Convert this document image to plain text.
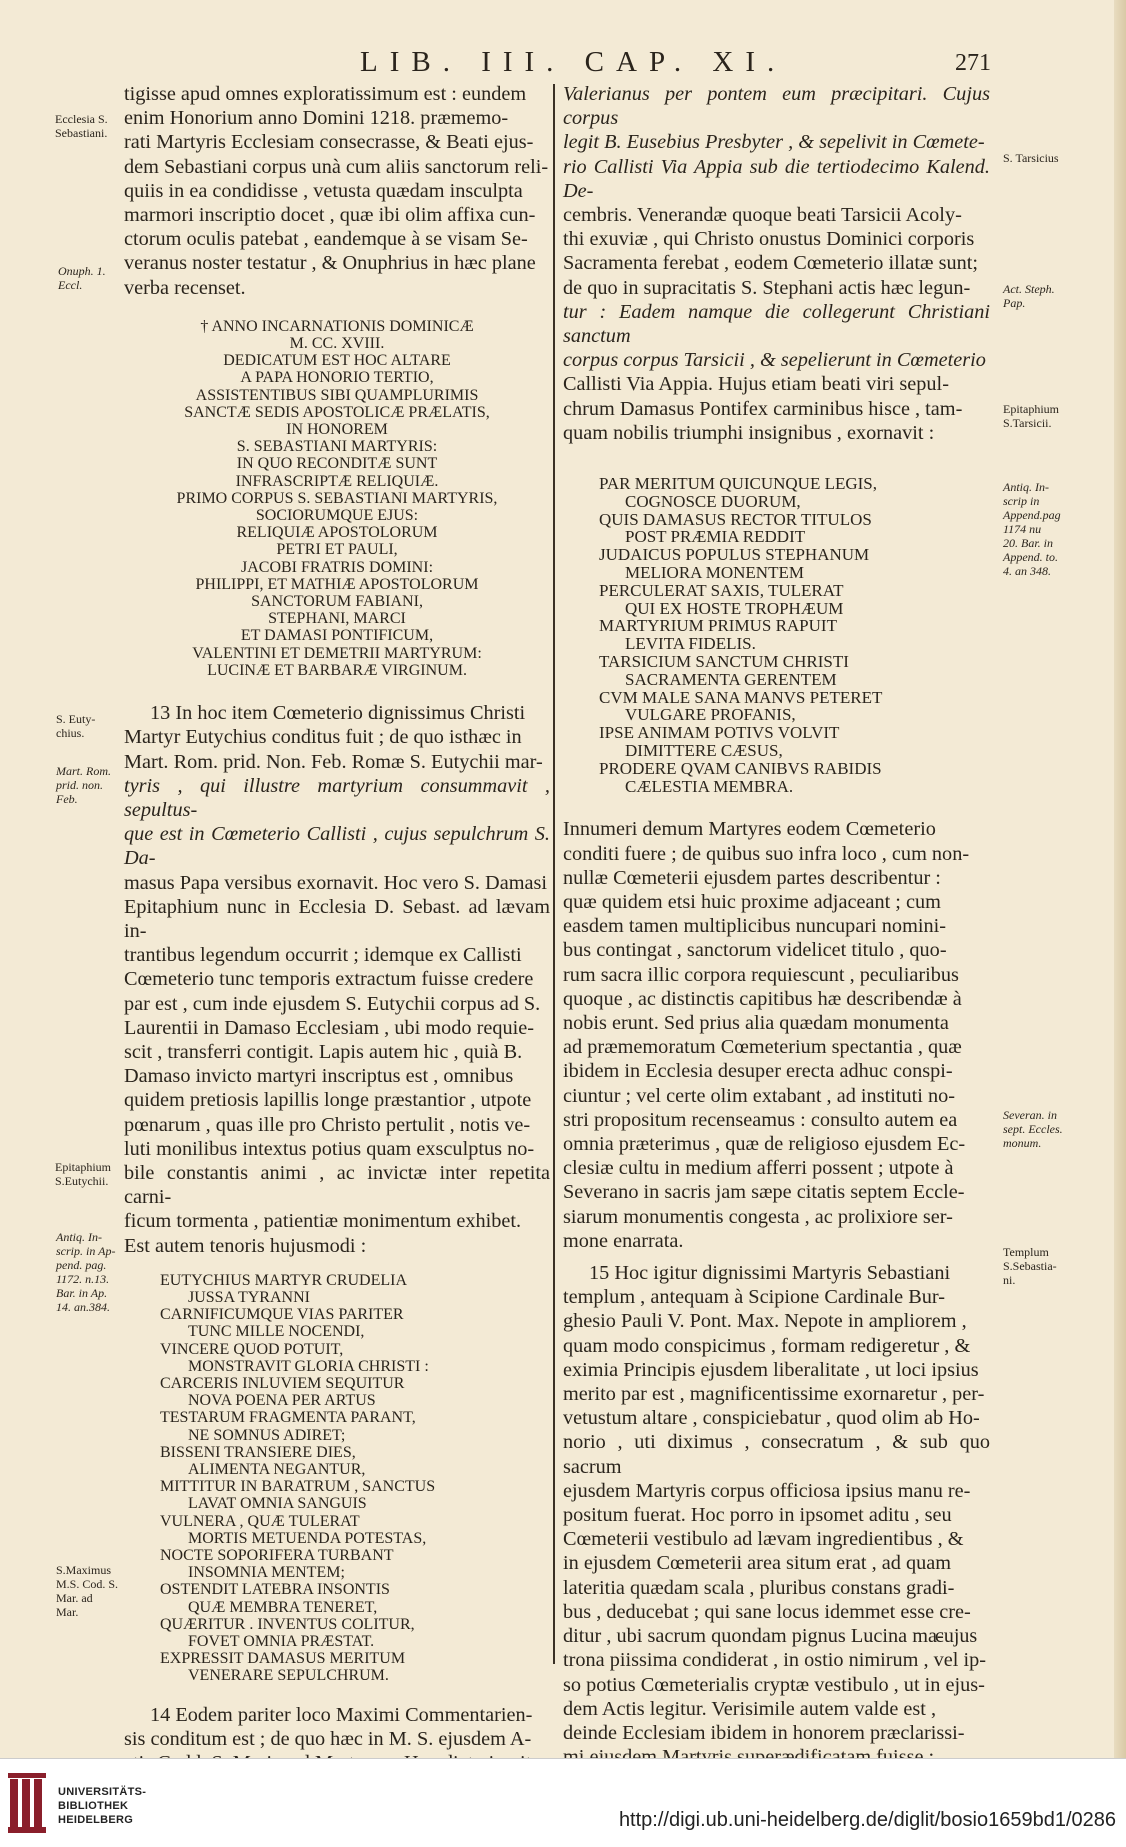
LIB. III. CAP. XI.	271

tigisse apud omnes exploratissimum est : eundem

enim Honorium anno Domini 1218. præmemo-

rati Martyris Ecclesiam consecrasse, & Beati ejus-

dem Sebastiani corpus unà cum aliis sanctorum reli-

quiis in ea condidisse , vetusta quædam insculpta

marmori inscriptio docet , quæ ibi olim affixa cun-

ctorum oculis patebat , eandemque à se visam Se-

veranus noster testatur , & Onuphrius in hæc plane

verba recenset.

† ANNO INCARNATIONIS DOMINICÆ

M. CC. XVIII.

DEDICATUM EST HOC ALTARE

A PAPA HONORIO TERTIO,

ASSISTENTIBUS SIBI QUAMPLURIMIS

SANCTÆ SEDIS APOSTOLICÆ PRÆLATIS,

IN HONOREM

S. SEBASTIANI MARTYRIS:

IN QUO RECONDITÆ SUNT

INFRASCRIPTÆ RELIQUIÆ.

PRIMO CORPUS S. SEBASTIANI MARTYRIS,

SOCIORUMQUE EJUS:

RELIQUIÆ APOSTOLORUM

PETRI ET PAULI,

JACOBI FRATRIS DOMINI:

PHILIPPI, ET MATHIÆ APOSTOLORUM

SANCTORUM FABIANI,

STEPHANI, MARCI

ET DAMASI PONTIFICUM,

VALENTINI ET DEMETRII MARTYRUM:

LUCINÆ ET BARBARÆ VIRGINUM.

13 In hoc item Cœmeterio dignissimus Christi

Martyr Eutychius conditus fuit ; de quo isthæc in

Mart. Rom. prid. Non. Feb. Romæ S. Eutychii mar-

tyris , qui illustre martyrium consummavit , sepultus-

que est in Cœmeterio Callisti , cujus sepulchrum S. Da-

masus Papa versibus exornavit. Hoc vero S. Damasi

Epitaphium nunc in Ecclesia D. Sebast. ad lævam in-

trantibus legendum occurrit ; idemque ex Callisti

Cœmeterio tunc temporis extractum fuisse credere

par est , cum inde ejusdem S. Eutychii corpus ad S.

Laurentii in Damaso Ecclesiam , ubi modo requie-

scit , transferri contigit. Lapis autem hic , quià B.

Damaso invicto martyri inscriptus est , omnibus

quidem pretiosis lapillis longe præstantior , utpote

pœnarum , quas ille pro Christo pertulit , notis ve-

luti monilibus intextus potius quam exsculptus no-

bile constantis animi , ac invictæ inter repetita carni-

ficum tormenta , patientiæ monimentum exhibet.

Est autem tenoris hujusmodi :

EUTYCHIUS MARTYR CRUDELIA

JUSSA TYRANNI

CARNIFICUMQUE VIAS PARITER

TUNC MILLE NOCENDI,

VINCERE QUOD POTUIT,

MONSTRAVIT GLORIA CHRISTI :

CARCERIS INLUVIEM SEQUITUR

NOVA POENA PER ARTUS

TESTARUM FRAGMENTA PARANT,

NE SOMNUS ADIRET;

BISSENI TRANSIERE DIES,

ALIMENTA NEGANTUR,

MITTITUR IN BARATRUM , SANCTUS

LAVAT OMNIA SANGUIS

VULNERA , QUÆ TULERAT

MORTIS METUENDA POTESTAS,

NOCTE SOPORIFERA TURBANT

INSOMNIA MENTEM;

OSTENDIT LATEBRA INSONTIS

QUÆ MEMBRA TENERET,

QUÆRITUR . INVENTUS COLITUR,

FOVET OMNIA PRÆSTAT.

EXPRESSIT DAMASUS MERITUM

VENERARE SEPULCHRUM.

14 Eodem pariter loco Maximi Commentarien-

sis conditum est ; de quo hæc in M. S. ejusdem A-

Valerianus per pontem eum præcipitari. Cujus corpus

legit B. Eusebius Presbyter , & sepelivit in Cœmete-

rio Callisti Via Appia sub die tertiodecimo Kalend. De-

cembris. Venerandæ quoque beati Tarsicii Acoly-

thi exuviæ , qui Christo onustus Dominici corporis

Sacramenta ferebat , eodem Cœmeterio illatæ sunt;

de quo in supracitatis S. Stephani actis hæc legun-

tur : Eadem namque die collegerunt Christiani sanctum

corpus corpus Tarsicii , & sepelierunt in Cœmeterio

Callisti Via Appia. Hujus etiam beati viri sepul-

chrum Damasus Pontifex carminibus hisce , tam-

quam nobilis triumphi insignibus , exornavit :

PAR MERITUM QUICUNQUE LEGIS,

COGNOSCE DUORUM,

QUIS DAMASUS RECTOR TITULOS

POST PRÆMIA REDDIT

JUDAICUS POPULUS STEPHANUM

MELIORA MONENTEM

PERCULERAT SAXIS, TULERAT

QUI EX HOSTE TROPHÆUM

MARTYRIUM PRIMUS RAPUIT

LEVITA FIDELIS.

TARSICIUM SANCTUM CHRISTI

SACRAMENTA GERENTEM

CVM MALE SANA MANVS PETERET

VULGARE PROFANIS,

IPSE ANIMAM POTIVS VOLVIT

DIMITTERE CÆSUS,

PRODERE QVAM CANIBVS RABIDIS

CÆLESTIA MEMBRA.

Innumeri demum Martyres eodem Cœmeterio

conditi fuere ; de quibus suo infra loco , cum non-

nullæ Cœmeterii ejusdem partes describentur :

quæ quidem etsi huic proxime adjaceant ; cum

easdem tamen multiplicibus nuncupari nomini-

bus contingat , sanctorum videlicet titulo , quo-

rum sacra illic corpora requiescunt , peculiaribus

quoque , ac distinctis capitibus hæ describendæ à

nobis erunt. Sed prius alia quædam monumenta

ad præmemoratum Cœmeterium spectantia , quæ

ibidem in Ecclesia desuper erecta adhuc conspi-

ciuntur ; vel certe olim extabant , ad instituti no-

stri propositum recenseamus : consulto autem ea

omnia præterimus , quæ de religioso ejusdem Ec-

clesiæ cultu in medium afferri possent ; utpote à

Severano in sacris jam sæpe citatis septem Eccle-

siarum monumentis congesta , ac prolixiore ser-

mone enarrata.

15 Hoc igitur dignissimi Martyris Sebastiani

templum , antequam à Scipione Cardinale Bur-

ghesio Pauli V. Pont. Max. Nepote in ampliorem ,

quam modo conspicimus , formam redigeretur , &

eximia Principis ejusdem liberalitate , ut loci ipsius

merito par est , magnificentissime exornaretur , per-

vetustum altare , conspiciebatur , quod olim ab Ho-

norio , uti diximus , consecratum , & sub quo sacrum

ejusdem Martyris corpus officiosa ipsius manu re-

positum fuerat. Hoc porro in ipsomet aditu , seu

Cœmeterii vestibulo ad lævam ingredientibus , &

in ejusdem Cœmeterii area situm erat , ad quam

lateritia quædam scala , pluribus constans gradi-

bus , deducebat ; qui sane locus idemmet esse cre-

ditur , ubi sacrum quondam pignus Lucina ma-

trona piissima condiderat , in ostio nimirum , vel ip-

so potius Cœmeterialis cryptæ vestibulo , ut in ejus-

dem Actis legitur. Verisimile autem valde est ,

deinde Ecclesiam ibidem in honorem præclarissi-

cujus
Ecclesia S.
Sebastiani.
Onuph. 1.
Eccl.
S. Euty-
chius.
Mart. Rom.
prid. non.
Feb.
Epitaphium
S.Eutychii.
Antiq. In-
scrip. in Ap-
pend. pag.
1172. n.13.
Bar. in Ap.
14. an.384.
S.Maximus
M.S. Cod. S.
Mar. ad
Mar.
S. Tarsicius
Act. Steph.
Pap.
Epitaphium
S.Tarsicii.
Antiq. In-
scrip in
Append.pag
1174 nu
20. Bar. in
Append. to.
4. an 348.
Severan. in
sept. Eccles.
monum.
Templum
S.Sebastia-
ni.
UNIVERSITÄTS-
BIBLIOTHEK
HEIDELBERG	http://digi.ub.uni-heidelberg.de/diglit/bosio1659bd1/0286
